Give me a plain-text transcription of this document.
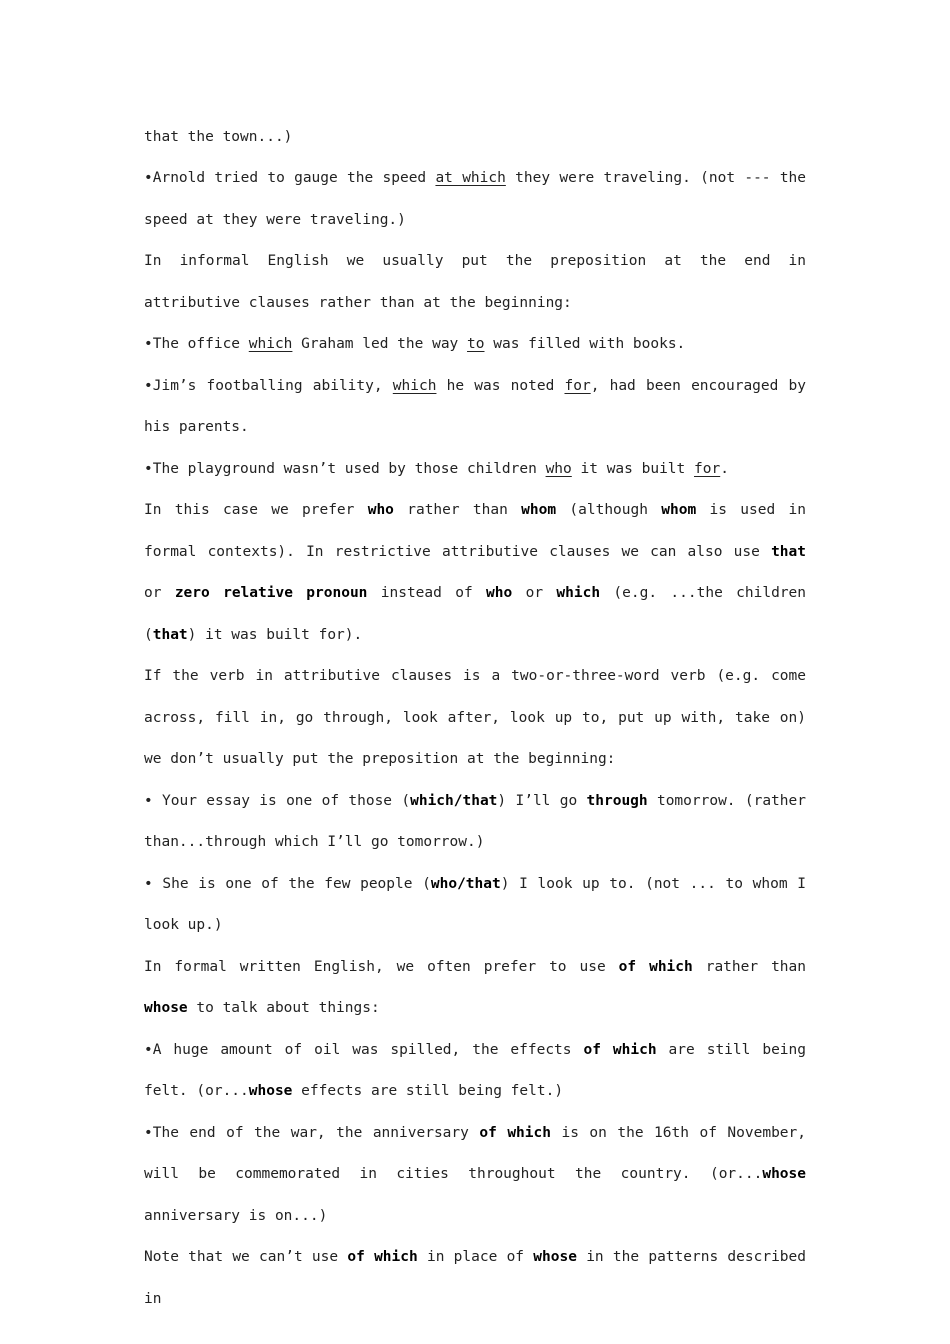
that the town...)
•Arnold tried to gauge the speed at which they were traveling. (not --- the speed at they were traveling.)
In informal English we usually put the preposition at the end in attributive clauses rather than at the beginning:
•The office which Graham led the way to was filled with books.
•Jim’s footballing ability, which he was noted for, had been encouraged by his parents.
•The playground wasn’t used by those children who it was built for.
In this case we prefer who rather than whom (although whom is used in formal contexts). In restrictive attributive clauses we can also use that or zero relative pronoun instead of who or which (e.g. ...the children (that) it was built for).
If the verb in attributive clauses is a two-or-three-word verb (e.g. come across, fill in, go through, look after, look up to, put up with, take on) we don’t usually put the preposition at the beginning:
• Your essay is one of those (which/that) I’ll go through tomorrow. (rather than...through which I’ll go tomorrow.)
• She is one of the few people (who/that) I look up to. (not ... to whom I look up.)
In formal written English, we often prefer to use of which rather than whose to talk about things:
•A huge amount of oil was spilled, the effects of which are still being felt. (or...whose effects are still being felt.)
•The end of the war, the anniversary of which is on the 16th of November, will be commemorated in cities throughout the country. (or...whose anniversary is on...)
Note that we can’t use of which in place of whose in the patterns described in
